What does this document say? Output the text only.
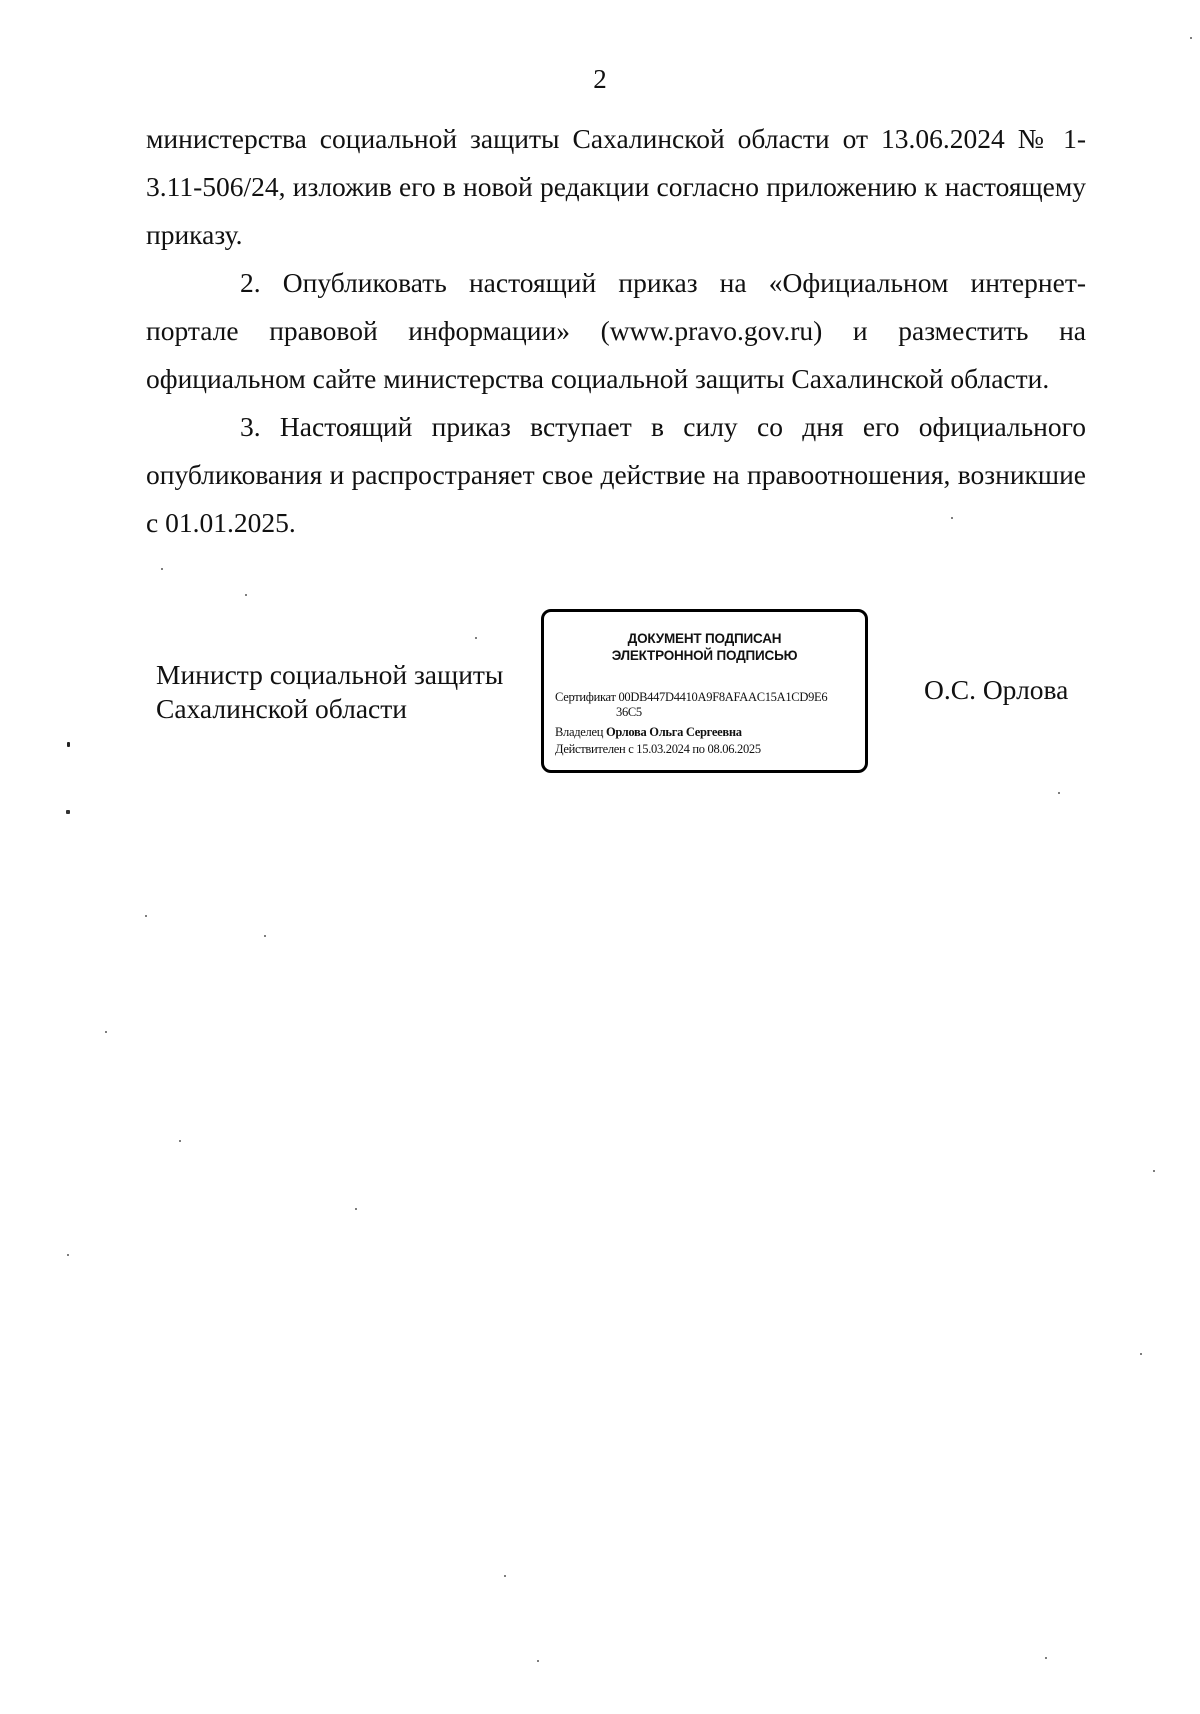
2

министерства социальной защиты Сахалинской области от 13.06.2024 № 1-3.11-506/24, изложив его в новой редакции согласно приложению к настоящему приказу.

2. Опубликовать настоящий приказ на «Официальном интернет-портале правовой информации» (www.pravo.gov.ru) и разместить на официальном сайте министерства социальной защиты Сахалинской области.

3. Настоящий приказ вступает в силу со дня его официального опубликования и распространяет свое действие на правоотношения, возникшие с 01.01.2025.

Министр социальной защиты
Сахалинской области
ДОКУМЕНТ ПОДПИСАН
ЭЛЕКТРОННОЙ ПОДПИСЬЮ
Сертификат 00DB447D4410A9F8AFAAC15A1CD9E6
36C5
Владелец Орлова Ольга Сергеевна
Действителен с 15.03.2024 по 08.06.2025
О.С. Орлова
